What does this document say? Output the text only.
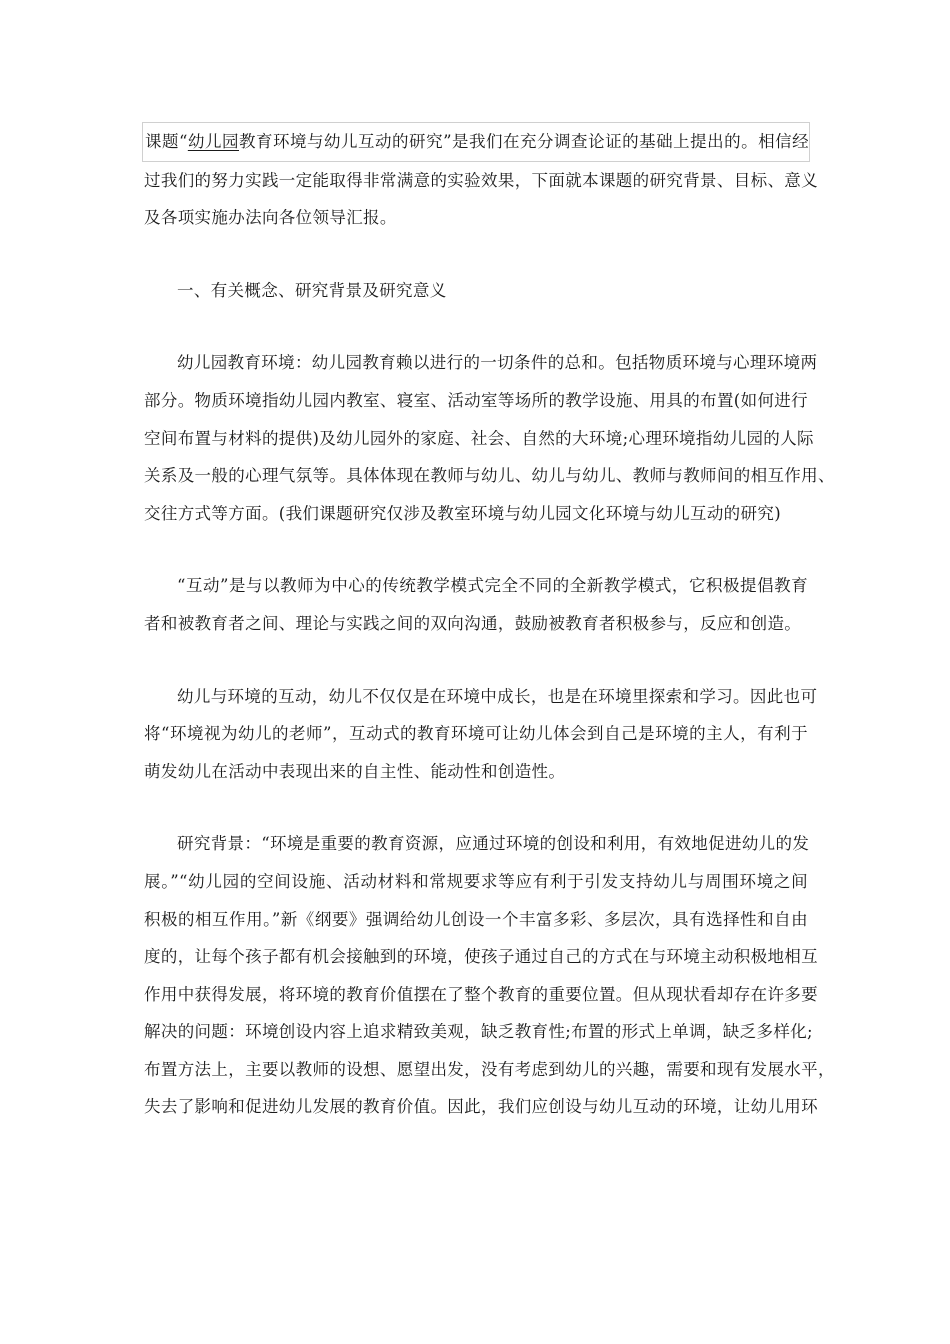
课题“幼儿园教育环境与幼儿互动的研究”是我们在充分调查论证的基础上提出的。相信经
过我们的努力实践一定能取得非常满意的实验效果，下面就本课题的研究背景、目标、意义
及各项实施办法向各位领导汇报。
一、有关概念、研究背景及研究意义
幼儿园教育环境：幼儿园教育赖以进行的一切条件的总和。包括物质环境与心理环境两
部分。物质环境指幼儿园内教室、寝室、活动室等场所的教学设施、用具的布置(如何进行
空间布置与材料的提供)及幼儿园外的家庭、社会、自然的大环境;心理环境指幼儿园的人际
关系及一般的心理气氛等。具体体现在教师与幼儿、幼儿与幼儿、教师与教师间的相互作用、
交往方式等方面。(我们课题研究仅涉及教室环境与幼儿园文化环境与幼儿互动的研究)
“互动”是与以教师为中心的传统教学模式完全不同的全新教学模式，它积极提倡教育
者和被教育者之间、理论与实践之间的双向沟通，鼓励被教育者积极参与，反应和创造。
幼儿与环境的互动，幼儿不仅仅是在环境中成长，也是在环境里探索和学习。因此也可
将“环境视为幼儿的老师”，互动式的教育环境可让幼儿体会到自己是环境的主人，有利于
萌发幼儿在活动中表现出来的自主性、能动性和创造性。
研究背景：“环境是重要的教育资源，应通过环境的创设和利用，有效地促进幼儿的发
展。”“幼儿园的空间设施、活动材料和常规要求等应有利于引发支持幼儿与周围环境之间
积极的相互作用。”新《纲要》强调给幼儿创设一个丰富多彩、多层次，具有选择性和自由
度的，让每个孩子都有机会接触到的环境，使孩子通过自己的方式在与环境主动积极地相互
作用中获得发展，将环境的教育价值摆在了整个教育的重要位置。但从现状看却存在许多要
解决的问题：环境创设内容上追求精致美观，缺乏教育性;布置的形式上单调，缺乏多样化;
布置方法上，主要以教师的设想、愿望出发，没有考虑到幼儿的兴趣，需要和现有发展水平，
失去了影响和促进幼儿发展的教育价值。因此，我们应创设与幼儿互动的环境，让幼儿用环
